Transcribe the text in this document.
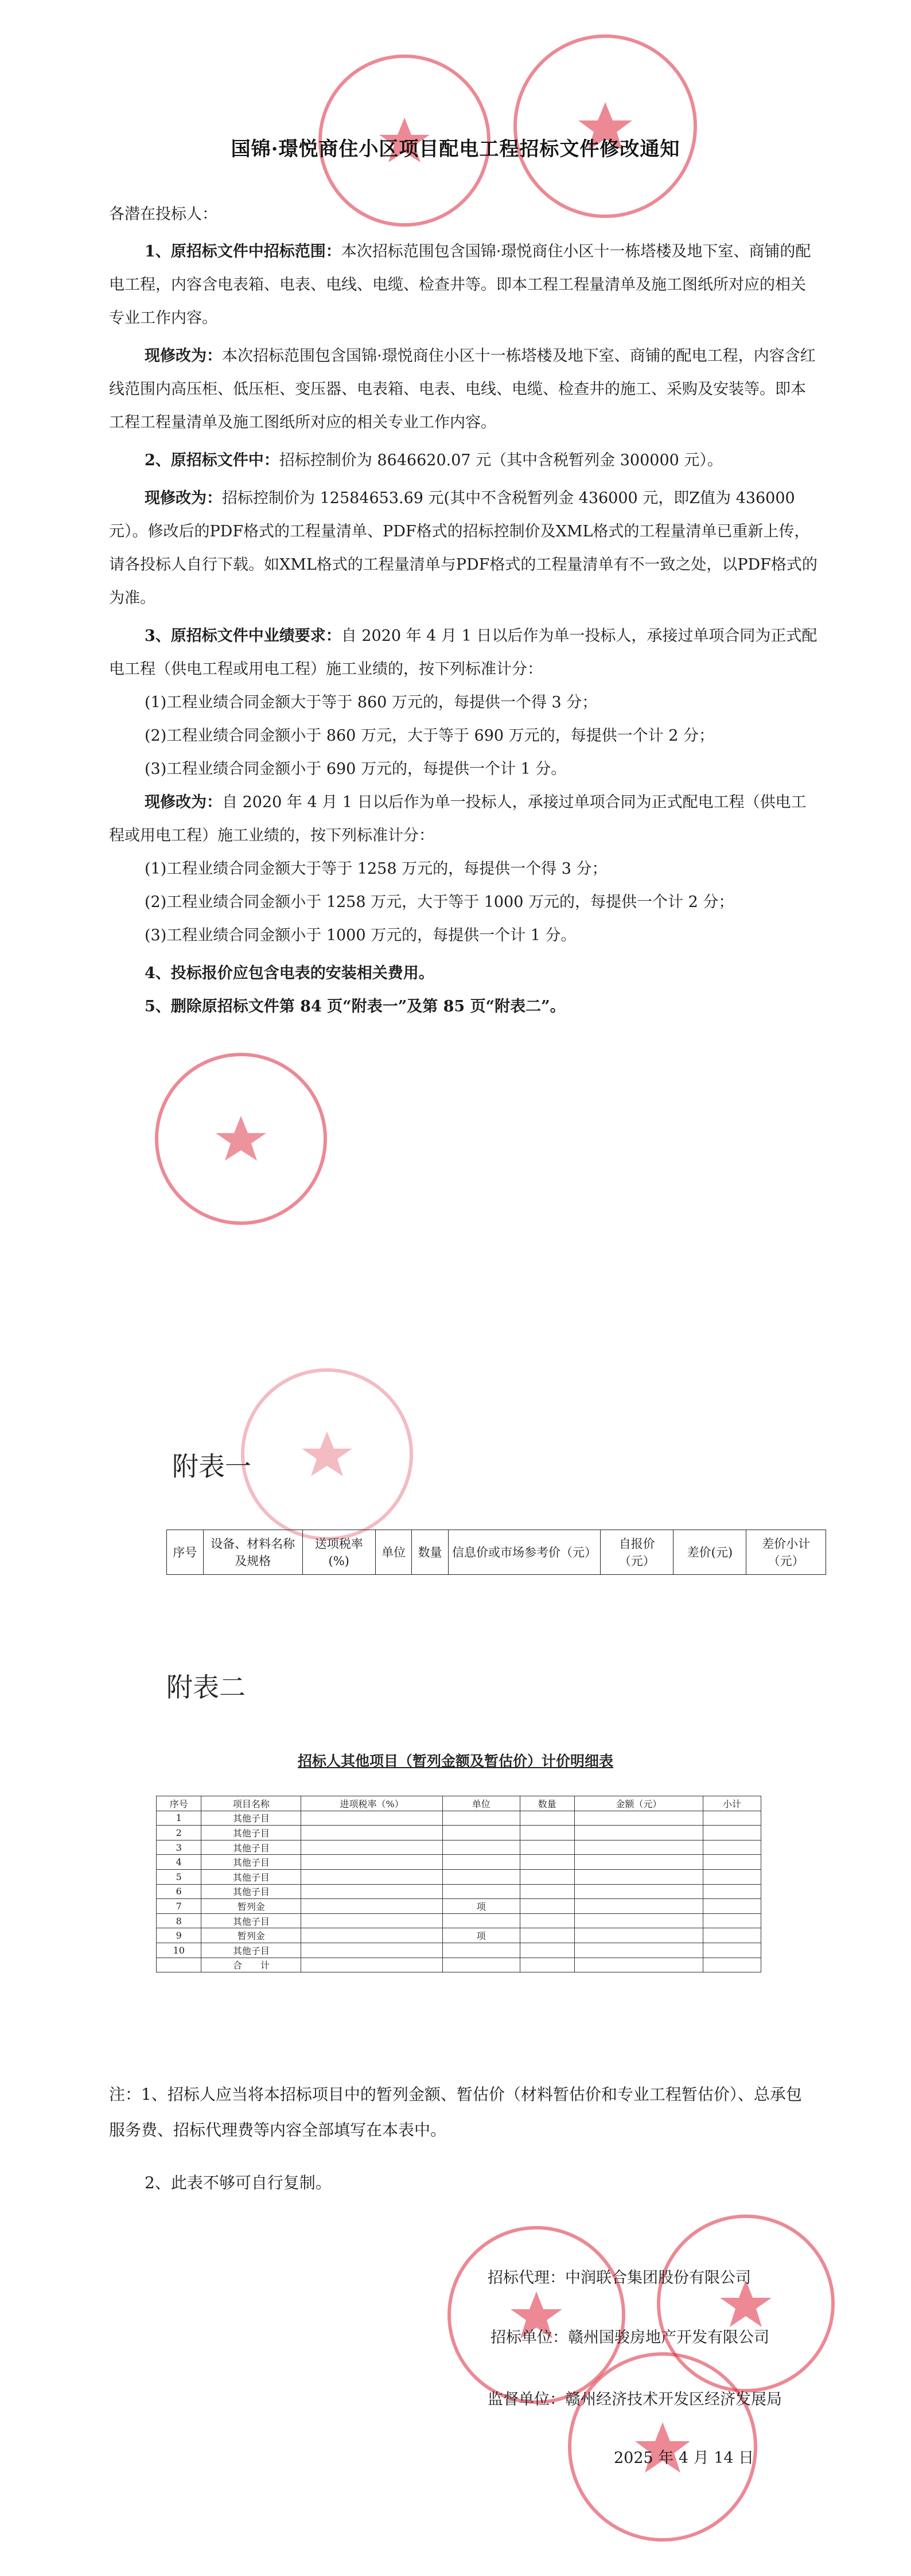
国锦·璟悦商住小区项目配电工程招标文件修改通知
各潜在投标人：

1、原招标文件中招标范围：本次招标范围包含国锦·璟悦商住小区十一栋塔楼及地下室、商铺的配电工程，内容含电表箱、电表、电线、电缆、检查井等。即本工程工程量清单及施工图纸所对应的相关专业工作内容。

现修改为：本次招标范围包含国锦·璟悦商住小区十一栋塔楼及地下室、商铺的配电工程，内容含红线范围内高压柜、低压柜、变压器、电表箱、电表、电线、电缆、检查井的施工、采购及安装等。即本工程工程量清单及施工图纸所对应的相关专业工作内容。

2、原招标文件中：招标控制价为 8646620.07 元（其中含税暂列金 300000 元）。

现修改为：招标控制价为 12584653.69 元(其中不含税暂列金 436000 元，即Z值为 436000 元）。修改后的PDF格式的工程量清单、PDF格式的招标控制价及XML格式的工程量清单已重新上传，请各投标人自行下载。如XML格式的工程量清单与PDF格式的工程量清单有不一致之处，以PDF格式的为准。

3、原招标文件中业绩要求：自 2020 年 4 月 1 日以后作为单一投标人，承接过单项合同为正式配电工程（供电工程或用电工程）施工业绩的，按下列标准计分：

(1)工程业绩合同金额大于等于 860 万元的，每提供一个得 3 分；

(2)工程业绩合同金额小于 860 万元，大于等于 690 万元的，每提供一个计 2 分；

(3)工程业绩合同金额小于 690 万元的，每提供一个计 1 分。

现修改为：自 2020 年 4 月 1 日以后作为单一投标人，承接过单项合同为正式配电工程（供电工程或用电工程）施工业绩的，按下列标准计分：

(1)工程业绩合同金额大于等于 1258 万元的，每提供一个得 3 分；

(2)工程业绩合同金额小于 1258 万元，大于等于 1000 万元的，每提供一个计 2 分；

(3)工程业绩合同金额小于 1000 万元的，每提供一个计 1 分。

4、投标报价应包含电表的安装相关费用。

5、删除原招标文件第 84 页“附表一”及第 85 页“附表二”。

附表一
序号	设备、材料名称及规格	送项税率(%)	单位	数量	信息价或市场参考价（元）	自报价（元）	差价(元)	差价小计（元）
附表二
招标人其他项目（暂列金额及暂估价）计价明细表
序号	项目名称	进项税率（%）	单位	数量	金额（元）	小计
1	其他子目					
2	其他子目					
3	其他子目					
4	其他子目					
5	其他子目					
6	其他子目					
7	暂列金		项			
8	其他子目					
9	暂列金		项			
10	其他子目					
	合　　计					

注：1、招标人应当将本招标项目中的暂列金额、暂估价（材料暂估价和专业工程暂估价）、总承包服务费、招标代理费等内容全部填写在本表中。

2、此表不够可自行复制。

招标代理：中润联合集团股份有限公司
招标单位：赣州国骏房地产开发有限公司
监督单位：赣州经济技术开发区经济发展局
2025 年 4 月 14 日
